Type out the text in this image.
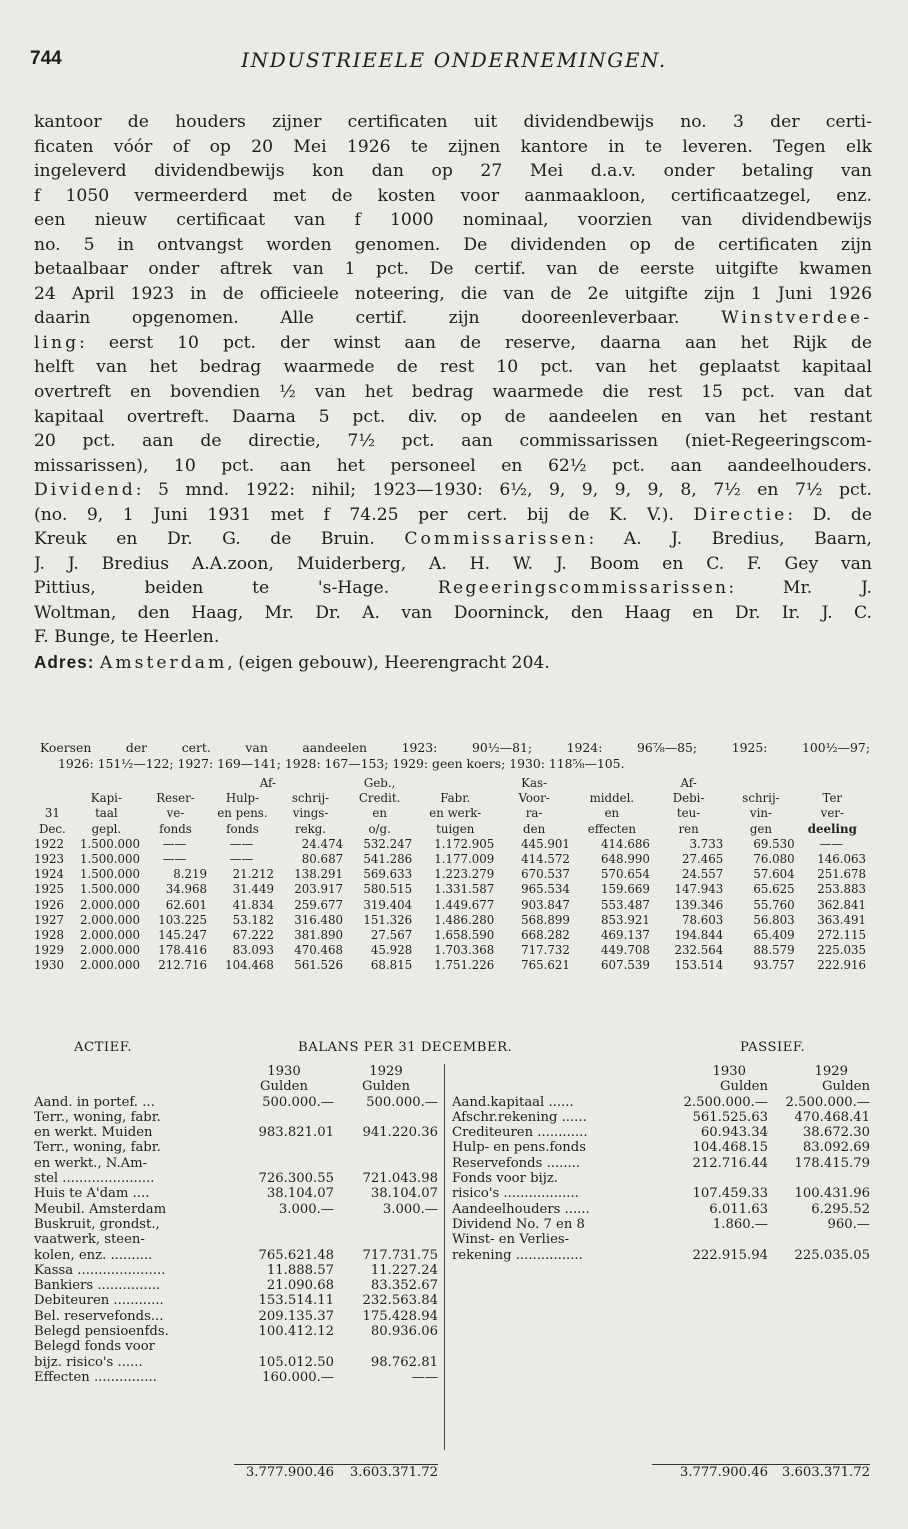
744	INDUSTRIEELE ONDERNEMINGEN.
kantoor de houders zijner certificaten uit dividendbewijs no. 3 der certi-
ficaten vóór of op 20 Mei 1926 te zijnen kantore in te leveren. Tegen elk
ingeleverd dividendbewijs kon dan op 27 Mei d.a.v. onder betaling van
f 1050 vermeerderd met de kosten voor aanmaakloon, certificaatzegel, enz.
een nieuw certificaat van f 1000 nominaal, voorzien van dividendbewijs
no. 5 in ontvangst worden genomen. De dividenden op de certificaten zijn
betaalbaar onder aftrek van 1 pct. De certif. van de eerste uitgifte kwamen
24 April 1923 in de officieele noteering, die van de 2e uitgifte zijn 1 Juni 1926
daarin opgenomen. Alle certif. zijn dooreenleverbaar. Winstverdee-
ling: eerst 10 pct. der winst aan de reserve, daarna aan het Rijk de
helft van het bedrag waarmede de rest 10 pct. van het geplaatst kapitaal
overtreft en bovendien ½ van het bedrag waarmede die rest 15 pct. van dat
kapitaal overtreft. Daarna 5 pct. div. op de aandeelen en van het restant
20 pct. aan de directie, 7½ pct. aan commissarissen (niet-Regeeringscom-
missarissen), 10 pct. aan het personeel en 62½ pct. aan aandeelhouders.
Dividend: 5 mnd. 1922: nihil; 1923—1930: 6½, 9, 9, 9, 9, 8, 7½ en 7½ pct.
(no. 9, 1 Juni 1931 met f 74.25 per cert. bij de K. V.). Directie: D. de
Kreuk en Dr. G. de Bruin. Commissarissen: A. J. Bredius, Baarn,
J. J. Bredius A.A.zoon, Muiderberg, A. H. W. J. Boom en C. F. Gey van
Pittius, beiden te 's-Hage.	Regeeringscommissarissen: Mr. J.
Woltman, den Haag, Mr. Dr. A. van Doorninck, den Haag en Dr. Ir. J. C.
F. Bunge, te Heerlen.
Adres: Amsterdam, (eigen gebouw), Heerengracht 204.
Koersen der cert. van aandeelen 1923: 90½—81; 1924: 96⅞—85; 1925: 100½—97;
1926: 151½—122; 1927: 169—141; 1928: 167—153; 1929: geen koers; 1930: 118⅝—105.
			Af-		Geb.,		Kas-		Af-		
	Kapi-	Reser-	Hulp-	schrij-	Credit.	Fabr.	Voor-	middel.	Debi-	schrij-	Ter
31	taal	ve-	en pens.	vings-	en	en werk-	ra-	en	teu-	vin-	ver-
Dec.	gepl.	fonds	fonds	rekg.	o/g.	tuigen	den	effecten	ren	gen	deeling
1922	1.500.000	——	——	24.474	532.247	1.172.905	445.901	414.686	3.733	69.530	——
1923	1.500.000	——	——	80.687	541.286	1.177.009	414.572	648.990	27.465	76.080	146.063
1924	1.500.000	8.219	21.212	138.291	569.633	1.223.279	670.537	570.654	24.557	57.604	251.678
1925	1.500.000	34.968	31.449	203.917	580.515	1.331.587	965.534	159.669	147.943	65.625	253.883
1926	2.000.000	62.601	41.834	259.677	319.404	1.449.677	903.847	553.487	139.346	55.760	362.841
1927	2.000.000	103.225	53.182	316.480	151.326	1.486.280	568.899	853.921	78.603	56.803	363.491
1928	2.000.000	145.247	67.222	381.890	27.567	1.658.590	668.282	469.137	194.844	65.409	272.115
1929	2.000.000	178.416	83.093	470.468	45.928	1.703.368	717.732	449.708	232.564	88.579	225.035
1930	2.000.000	212.716	104.468	561.526	68.815	1.751.226	765.621	607.539	153.514	93.757	222.916
ACTIEF.	BALANS PER 31 DECEMBER.	PASSIEF.
	1930	1929
	Gulden	Gulden
Aand. in portef. ...	500.000.—	500.000.—
Terr., woning, fabr.		
en werkt. Muiden	983.821.01	941.220.36
Terr., woning, fabr.		
en werkt., N.Am-		
stel ......................	726.300.55	721.043.98
Huis te A'dam ....	38.104.07	38.104.07
Meubil. Amsterdam	3.000.—	3.000.—
Buskruit, grondst.,		
vaatwerk, steen-		
kolen, enz. ..........	765.621.48	717.731.75
Kassa .....................	11.888.57	11.227.24
Bankiers ...............	21.090.68	83.352.67
Debiteuren ............	153.514.11	232.563.84
Bel. reservefonds...	209.135.37	175.428.94
Belegd pensioenfds.	100.412.12	80.936.06
Belegd fonds voor		
bijz. risico's ......	105.012.50	98.762.81
Effecten ...............	160.000.—	——
	1930	1929
	Gulden	Gulden
Aand.kapitaal ......	2.500.000.—	2.500.000.—
Afschr.rekening ......	561.525.63	470.468.41
Crediteuren ............	60.943.34	38.672.30
Hulp- en pens.fonds	104.468.15	83.092.69
Reservefonds ........	212.716.44	178.415.79
Fonds voor bijz.		
risico's ..................	107.459.33	100.431.96
Aandeelhouders ......	6.011.63	6.295.52
Dividend No. 7 en 8	1.860.—	960.—
Winst- en Verlies-		
rekening ................	222.915.94	225.035.05
3.777.900.46	3.603.371.72	3.777.900.46	3.603.371.72
